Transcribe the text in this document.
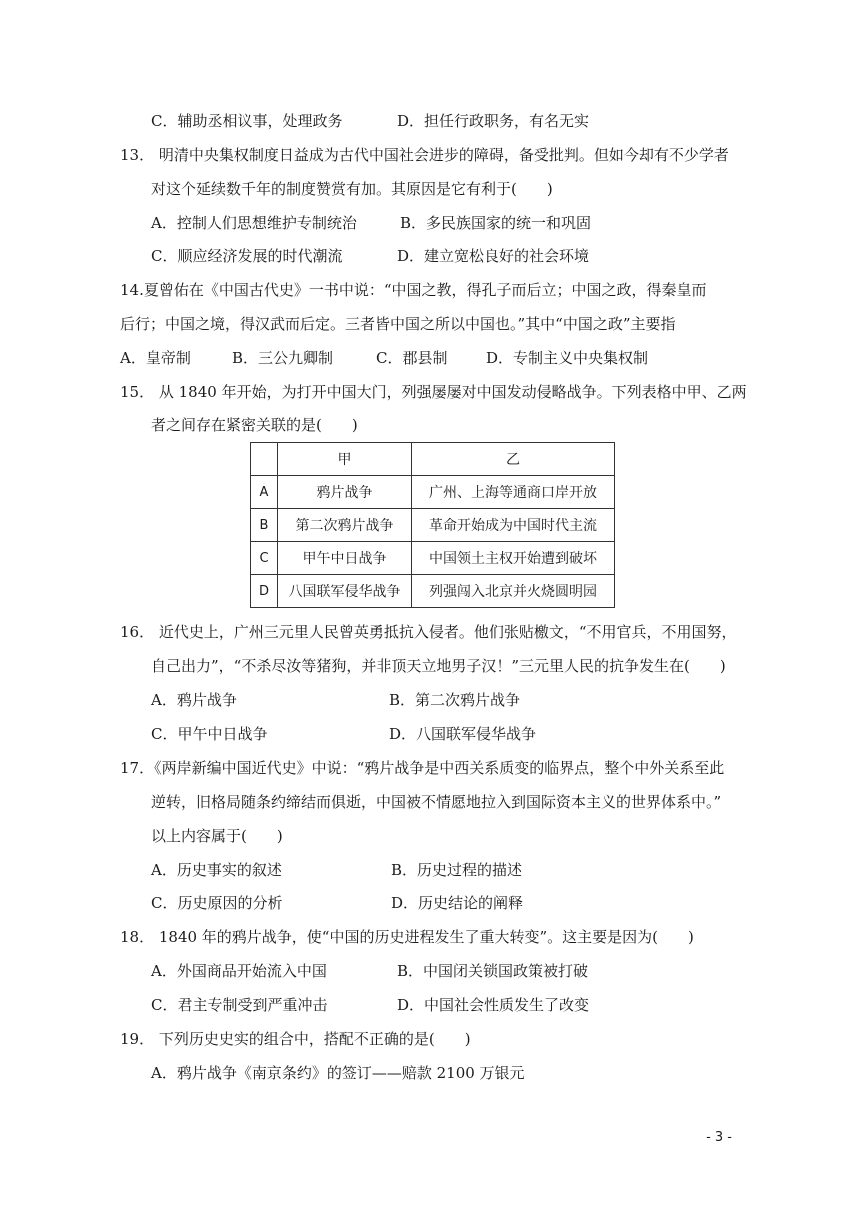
C．辅助丞相议事，处理政务	D．担任行政职务，有名无实
13． 明清中央集权制度日益成为古代中国社会进步的障碍，备受批判。但如今却有不少学者
对这个延续数千年的制度赞赏有加。其原因是它有利于(　　)
A．控制人们思想维护专制统治	B．多民族国家的统一和巩固
C．顺应经济发展的时代潮流	D．建立宽松良好的社会环境
14.夏曾佑在《中国古代史》一书中说：“中国之教，得孔子而后立；中国之政，得秦皇而
后行；中国之境，得汉武而后定。三者皆中国之所以中国也。”其中“中国之政”主要指
A．皇帝制	B．三公九卿制	C．郡县制	D．专制主义中央集权制
15． 从 1840 年开始，为打开中国大门，列强屡屡对中国发动侵略战争。下列表格中甲、乙两
者之间存在紧密关联的是(　　)
	甲	乙
A	鸦片战争	广州、上海等通商口岸开放
B	第二次鸦片战争	革命开始成为中国时代主流
C	甲午中日战争	中国领土主权开始遭到破坏
D	八国联军侵华战争	列强闯入北京并火烧圆明园
16． 近代史上，广州三元里人民曾英勇抵抗入侵者。他们张贴檄文，“不用官兵，不用国努，
自己出力”，“不杀尽汝等猪狗，并非顶天立地男子汉！”三元里人民的抗争发生在(　　)
A．鸦片战争	B．第二次鸦片战争
C．甲午中日战争	D．八国联军侵华战争
17．《两岸新编中国近代史》中说：“鸦片战争是中西关系质变的临界点，整个中外关系至此
逆转，旧格局随条约缔结而俱逝，中国被不情愿地拉入到国际资本主义的世界体系中。”
以上内容属于(　　)
A．历史事实的叙述	B．历史过程的描述
C．历史原因的分析	D．历史结论的阐释
18． 1840 年的鸦片战争，使“中国的历史进程发生了重大转变”。这主要是因为(　　)
A．外国商品开始流入中国	B．中国闭关锁国政策被打破
C．君主专制受到严重冲击	D．中国社会性质发生了改变
19． 下列历史史实的组合中，搭配不正确的是(　　)
A．鸦片战争《南京条约》的签订——赔款 2100 万银元
- 3 -
